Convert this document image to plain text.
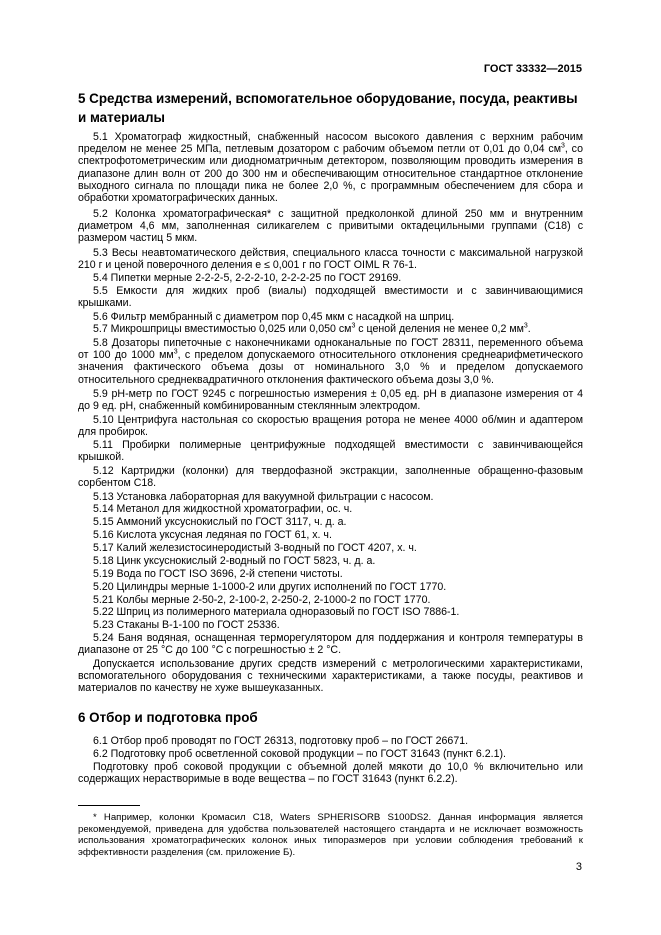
ГОСТ 33332—2015
5 Средства измерений, вспомогательное оборудование, посуда, реактивы и материалы

5.1 Хроматограф жидкостный, снабженный насосом высокого давления с верхним рабочим пределом не менее 25 МПа, петлевым дозатором с рабочим объемом петли от 0,01 до 0,04 $см^3$, со спектрофотометрическим или диодноматричным детектором, позволяющим проводить измерения в диапазоне длин волн от 200 до 300 нм и обеспечивающим относительное стандартное отклонение выходного сигнала по площади пика не более 2,0 %, с программным обеспечением для сбора и обработки хроматографических данных.

5.2 Колонка хроматографическая* с защитной предколонкой длиной 250 мм и внутренним диаметром 4,6 мм, заполненная силикагелем с привитыми октадецильными группами (С18) с размером частиц 5 мкм.

5.3 Весы неавтоматического действия, специального класса точности с максимальной нагрузкой 210 г и ценой поверочного деления e ≤ 0,001 г по ГОСТ OIML R 76-1.

5.4 Пипетки мерные 2-2-2-5, 2-2-2-10, 2-2-2-25 по ГОСТ 29169.

5.5 Емкости для жидких проб (виалы) подходящей вместимости и с завинчивающимися крышками.

5.6 Фильтр мембранный с диаметром пор 0,45 мкм с насадкой на шприц.

5.7 Микрошприцы вместимостью 0,025 или 0,050 $см^3$ с ценой деления не менее 0,2 $мм^3$.

5.8 Дозаторы пипеточные с наконечниками одноканальные по ГОСТ 28311, переменного объема от 100 до 1000 $мм^3$, с пределом допускаемого относительного отклонения среднеарифметического значения фактического объема дозы от номинального 3,0 % и пределом допускаемого относительного среднеквадратичного отклонения фактического объема дозы 3,0 %.

5.9 pH-метр по ГОСТ 9245 с погрешностью измерения ± 0,05 ед. pH в диапазоне измерения от 4 до 9 ед. pH, снабженный комбинированным стеклянным электродом.

5.10 Центрифуга настольная со скоростью вращения ротора не менее 4000 об/мин и адаптером для пробирок.

5.11 Пробирки полимерные центрифужные подходящей вместимости с завинчивающейся крышкой.

5.12 Картриджи (колонки) для твердофазной экстракции, заполненные обращенно-фазовым сорбентом С18.

5.13 Установка лабораторная для вакуумной фильтрации с насосом.

5.14 Метанол для жидкостной хроматографии, ос. ч.

5.15 Аммоний уксуснокислый по ГОСТ 3117, ч. д. а.

5.16 Кислота уксусная ледяная по ГОСТ 61, х. ч.

5.17 Калий железистосинеродистый 3-водный по ГОСТ 4207, х. ч.

5.18 Цинк уксуснокислый 2-водный по ГОСТ 5823, ч. д. а.

5.19 Вода по ГОСТ ISO 3696, 2-й степени чистоты.

5.20 Цилиндры мерные 1-1000-2 или других исполнений по ГОСТ 1770.

5.21 Колбы мерные 2-50-2, 2-100-2, 2-250-2, 2-1000-2 по ГОСТ 1770.

5.22 Шприц из полимерного материала одноразовый по ГОСТ ISO 7886-1.

5.23 Стаканы В-1-100 по ГОСТ 25336.

5.24 Баня водяная, оснащенная терморегулятором для поддержания и контроля температуры в диапазоне от 25 °С до 100 °С с погрешностью ± 2 °С.

Допускается использование других средств измерений с метрологическими характеристиками, вспомогательного оборудования с техническими характеристиками, а также посуды, реактивов и материалов по качеству не хуже вышеуказанных.

6 Отбор и подготовка проб

6.1 Отбор проб проводят по ГОСТ 26313, подготовку проб – по ГОСТ 26671.

6.2 Подготовку проб осветленной соковой продукции – по ГОСТ 31643 (пункт 6.2.1).

Подготовку проб соковой продукции с объемной долей мякоти до 10,0 % включительно или содержащих нерастворимые в воде вещества – по ГОСТ 31643 (пункт 6.2.2).

* Например, колонки Кромасил С18, Waters SPHERISORB S100DS2. Данная информация является рекомендуемой, приведена для удобства пользователей настоящего стандарта и не исключает возможность использования хроматографических колонок иных типоразмеров при условии соблюдения требований к эффективности разделения (см. приложение Б).

3
